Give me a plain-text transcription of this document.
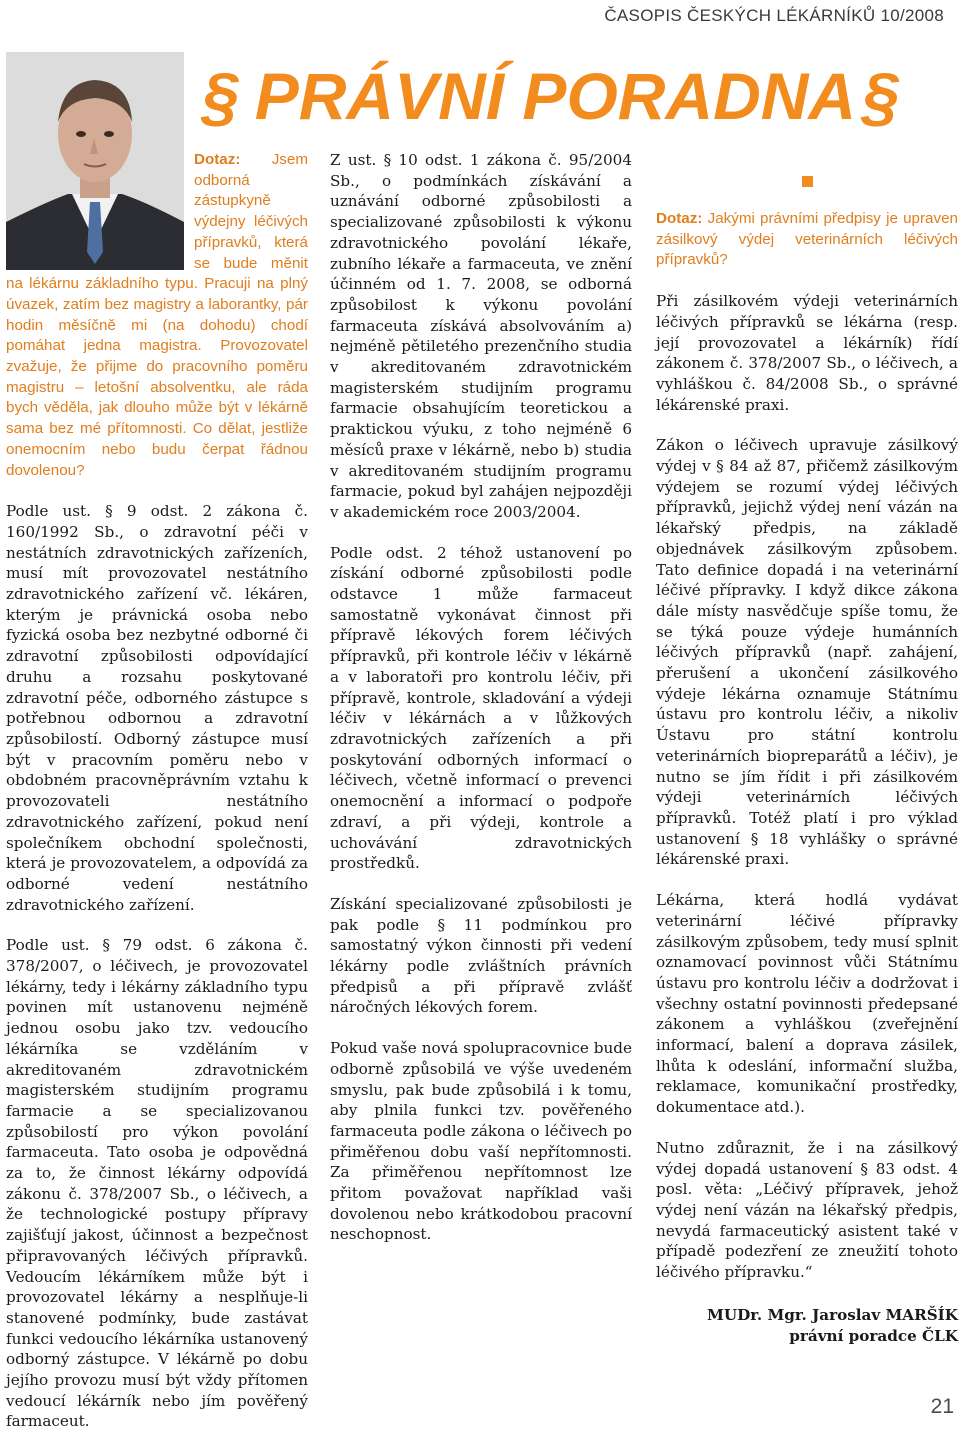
ČASOPIS ČESKÝCH LÉKÁRNÍKŮ 10/2008
§ PRÁVNÍ PORADNA§

Dotaz: Jsem odborná zástupkyně výdejny léčivých přípravků, která se bude měnit na lékárnu základního typu. Pracuji na plný úvazek, zatím bez magistry a laborantky, pár hodin měsíčně mi (na dohodu) chodí pomáhat jedna magistra. Provozovatel zvažuje, že přijme do pracovního poměru magistru – letošní absolventku, ale ráda bych věděla, jak dlouho může být v lékárně sama bez mé přítomnosti. Co dělat, jestliže onemocním nebo budu čerpat řádnou dovolenou?

Podle ust. § 9 odst. 2 zákona č. 160/1992 Sb., o zdravotní péči v nestátních zdravotnických zařízeních, musí mít provozovatel nestátního zdravotnického zařízení vč. lékáren, kterým je právnická osoba nebo fyzická osoba bez nezbytné odborné či zdravotní způsobilosti odpovídající druhu a rozsahu poskytované zdravotní péče, odborného zástupce s potřebnou odbornou a zdravotní způsobilostí. Odborný zástupce musí být v pracovním poměru nebo v obdobném pracovněprávním vztahu k provozovateli nestátního zdravotnického zařízení, pokud není společníkem obchodní společnosti, která je provozovatelem, a odpovídá za odborné vedení nestátního zdravotnického zařízení.

Podle ust. § 79 odst. 6 zákona č. 378/2007, o léčivech, je provozovatel lékárny, tedy i lékárny základního typu povinen mít ustanovenu nejméně jednou osobu jako tzv. vedoucího lékárníka se vzděláním v akreditovaném zdravotnickém magisterském studijním programu farmacie a se specializovanou způsobilostí pro výkon povolání farmaceuta. Tato osoba je odpovědná za to, že činnost lékárny odpovídá zákonu č. 378/2007 Sb., o léčivech, a že technologické postupy přípravy zajišťují jakost, účinnost a bezpečnost připravovaných léčivých přípravků. Vedoucím lékárníkem může být i provozovatel lékárny a nesplňuje-li stanovené podmínky, bude zastávat funkci vedoucího lékárníka ustanovený odborný zástupce. V lékárně po dobu jejího provozu musí být vždy přítomen vedoucí lékárník nebo jím pověřený farmaceut.

Z ust. § 10 odst. 1 zákona č. 95/2004 Sb., o podmínkách získávání a uznávání odborné způsobilosti a specializované způsobilosti k výkonu zdravotnického povolání lékaře, zubního lékaře a farmaceuta, ve znění účinném od 1. 7. 2008, se odborná způsobilost k výkonu povolání farmaceuta získává absolvováním a) nejméně pětiletého prezenčního studia v akreditovaném zdravotnickém magisterském studijním programu farmacie obsahujícím teoretickou a praktickou výuku, z toho nejméně 6 měsíců praxe v lékárně, nebo b) studia v akreditovaném studijním programu farmacie, pokud byl zahájen nejpozději v akademickém roce 2003/2004.

Podle odst. 2 téhož ustanovení po získání odborné způsobilosti podle odstavce 1 může farmaceut samostatně vykonávat činnost při přípravě lékových forem léčivých přípravků, při kontrole léčiv v lékárně a v laboratoři pro kontrolu léčiv, při přípravě, kontrole, skladování a výdeji léčiv v lékárnách a v lůžkových zdravotnických zařízeních a při poskytování odborných informací o léčivech, včetně informací o prevenci onemocnění a informací o podpoře zdraví, a při výdeji, kontrole a uchovávání zdravotnických prostředků.

Získání specializované způsobilosti je pak podle § 11 podmínkou pro samostatný výkon činnosti při vedení lékárny podle zvláštních právních předpisů a při přípravě zvlášť náročných lékových forem.

Pokud vaše nová spolupracovnice bude odborně způsobilá ve výše uvedeném smyslu, pak bude způsobilá i k tomu, aby plnila funkci tzv. pověřeného farmaceuta podle zákona o léčivech po přiměřenou dobu vaší nepřítomnosti. Za přiměřenou nepřítomnost lze přitom považovat například vaši dovolenou nebo krátkodobou pracovní neschopnost.

Dotaz: Jakými právními předpisy je upraven zásilkový výdej veterinárních léčivých přípravků?

Při zásilkovém výdeji veterinárních léčivých přípravků se lékárna (resp. její provozovatel a lékárník) řídí zákonem č. 378/2007 Sb., o léčivech, a vyhláškou č. 84/2008 Sb., o správné lékárenské praxi.

Zákon o léčivech upravuje zásilkový výdej v § 84 až 87, přičemž zásilkovým výdejem se rozumí výdej léčivých přípravků, jejichž výdej není vázán na lékařský předpis, na základě objednávek zásilkovým způsobem. Tato definice dopadá i na veterinární léčivé přípravky. I když dikce zákona dále místy nasvědčuje spíše tomu, že se týká pouze výdeje humánních léčivých přípravků (např. zahájení, přerušení a ukončení zásilkového výdeje lékárna oznamuje Státnímu ústavu pro kontrolu léčiv, a nikoliv Ústavu pro státní kontrolu veterinárních biopreparátů a léčiv), je nutno se jím řídit i při zásilkovém výdeji veterinárních léčivých přípravků. Totéž platí i pro výklad ustanovení § 18 vyhlášky o správné lékárenské praxi.

Lékárna, která hodlá vydávat veterinární léčivé přípravky zásilkovým způsobem, tedy musí splnit oznamovací povinnost vůči Státnímu ústavu pro kontrolu léčiv a dodržovat i všechny ostatní povinnosti předepsané zákonem a vyhláškou (zveřejnění informací, balení a doprava zásilek, lhůta k odeslání, informační služba, reklamace, komunikační prostředky, dokumentace atd.).

Nutno zdůraznit, že i na zásilkový výdej dopadá ustanovení § 83 odst. 4 posl. věta: „Léčivý přípravek, jehož výdej není vázán na lékařský předpis, nevydá farmaceutický asistent také v případě podezření ze zneužití tohoto léčivého přípravku.“

MUDr. Mgr. Jaroslav MARŠÍK
právní poradce ČLK
21
